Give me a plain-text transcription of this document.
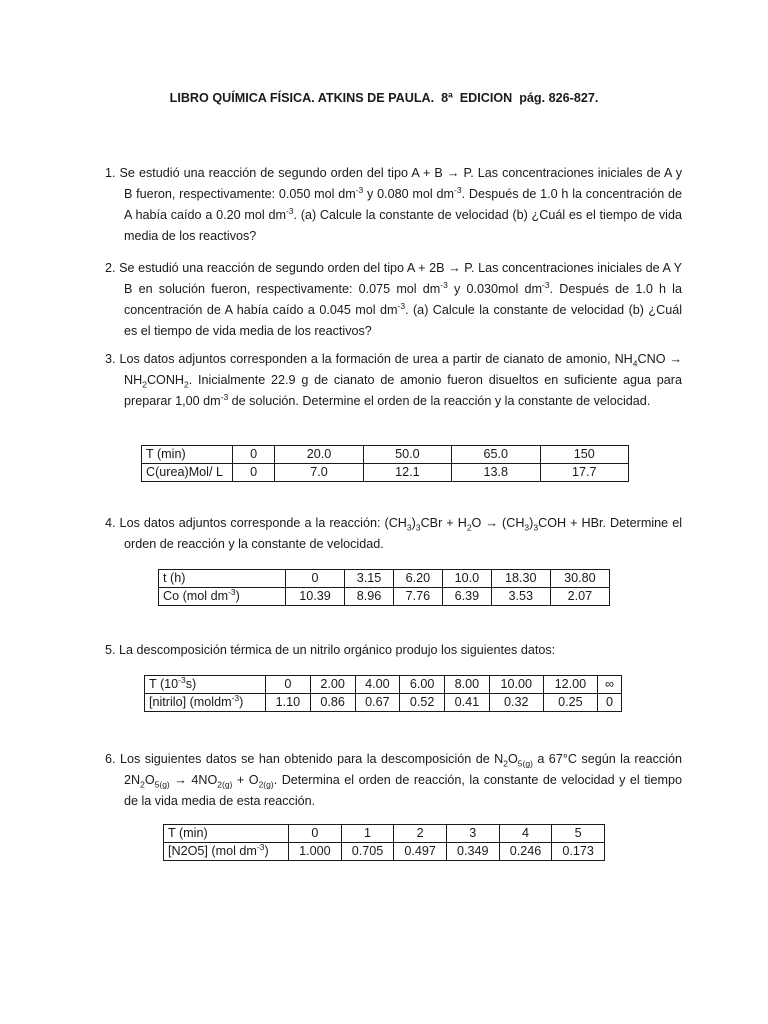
LIBRO QUÍMICA FÍSICA. ATKINS DE PAULA.  8ª  EDICION  pág. 826-827.

1. Se estudió una reacción de segundo orden del tipo A + B → P. Las concentraciones iniciales de A y B fueron, respectivamente: 0.050 mol $dm^{-3}$ y 0.080 mol $dm^{-3}$. Después de 1.0 h la concentración de A había caído a 0.20 mol $dm^{-3}$. (a) Calcule la constante de velocidad (b) ¿Cuál es el tiempo de vida media de los reactivos?

2. Se estudió una reacción de segundo orden del tipo A + 2B → P. Las concentraciones iniciales de A Y B en solución fueron, respectivamente: 0.075 mol $dm^{-3}$ y 0.030mol $dm^{-3}$. Después de 1.0 h la concentración de A había caído a 0.045 mol $dm^{-3}$. (a) Calcule la constante de velocidad (b) ¿Cuál es el tiempo de vida media de los reactivos?

3. Los datos adjuntos corresponden a la formación de urea a partir de cianato de amonio, $NH_4CNO$ → $NH_2CONH_2$. Inicialmente 22.9 g de cianato de amonio fueron disueltos en suficiente agua para preparar 1,00 $dm^{-3}$ de solución. Determine el orden de la reacción y la constante de velocidad.

T (min)	0	20.0	50.0	65.0	150
C(urea)Mol/ L	0	7.0	12.1	13.8	17.7

4. Los datos adjuntos corresponde a la reacción: $(CH_3)_3CBr + H_2O \to (CH_3)_3COH$ + HBr. Determine el orden de reacción y la constante de velocidad.

t (h)	0	3.15	6.20	10.0	18.30	30.80
Co (mol $dm^{-3}$)	10.39	8.96	7.76	6.39	3.53	2.07

5. La descomposición térmica de un nitrilo orgánico produjo los siguientes datos:

T $(10^{-3}s)$	0	2.00	4.00	6.00	8.00	10.00	12.00	∞
[nitrilo] (moldm$^{-3}$)	1.10	0.86	0.67	0.52	0.41	0.32	0.25	0

6. Los siguientes datos se han obtenido para la descomposición de $N_2O_{5(g)}$ a 67°C según la reacción $2N_2O_{5(g)} \to 4NO_{2(g)} + O_{2(g)}$. Determina el orden de reacción, la constante de velocidad y el tiempo de la vida media de esta reacción.

T (min)	0	1	2	3	4	5
[N2O5] (mol $dm^{-3}$)	1.000	0.705	0.497	0.349	0.246	0.173
